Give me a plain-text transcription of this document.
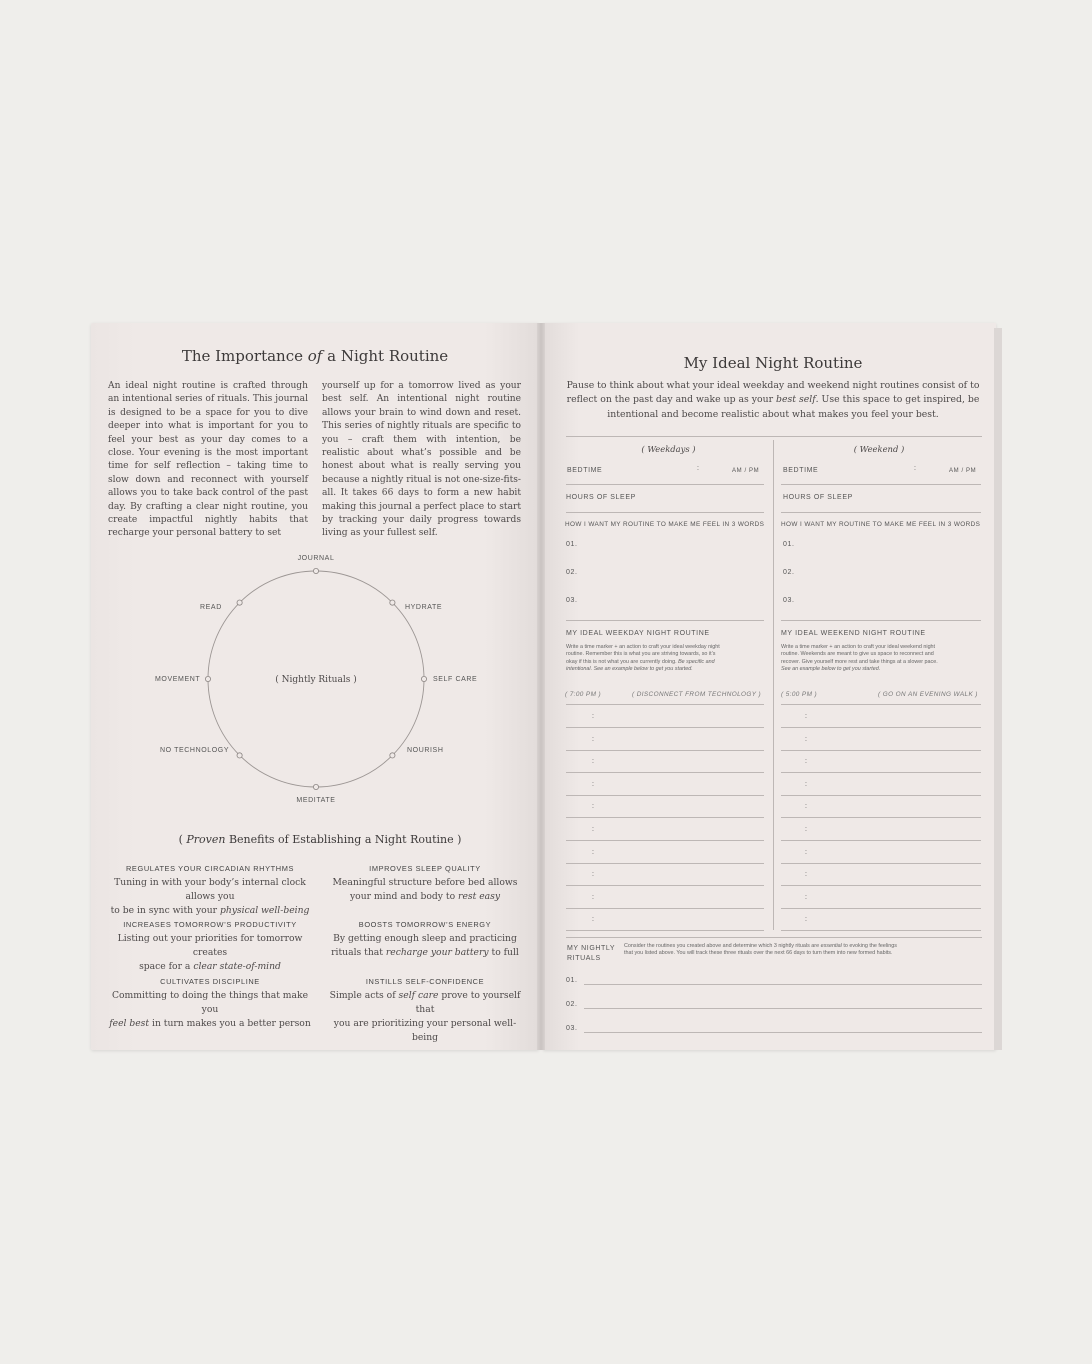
The Importance of a Night Routine
An ideal night routine is crafted through an intentional series of rituals. This journal is designed to be a space for you to dive deeper into what is important for you to feel your best as your day comes to a close. Your evening is the most important time for self reflection – taking time to slow down and reconnect with yourself allows you to take back control of the past day. By crafting a clear night routine, you create impactful nightly habits that recharge your personal battery to set
yourself up for a tomorrow lived as your best self. An intentional night routine allows your brain to wind down and reset. This series of nightly rituals are specific to you – craft them with intention, be realistic about what’s possible and be honest about what is really serving you because a nightly ritual is not one-size-fits-all. It takes 66 days to form a new habit making this journal a perfect place to start by tracking your daily progress towards living as your fullest self.
JOURNAL
HYDRATE
SELF CARE
NOURISH
MEDITATE
NO TECHNOLOGY
MOVEMENT
READ
( Nightly Rituals )
( Proven Benefits of Establishing a Night Routine )
REGULATES YOUR CIRCADIAN RHYTHMS
Tuning in with your body’s internal clock allows you
to be in sync with your physical well-being
IMPROVES SLEEP QUALITY
Meaningful structure before bed allows
your mind and body to rest easy
INCREASES TOMORROW’S PRODUCTIVITY
Listing out your priorities for tomorrow creates
space for a clear state-of-mind
BOOSTS TOMORROW’S ENERGY
By getting enough sleep and practicing
rituals that recharge your battery to full
CULTIVATES DISCIPLINE
Committing to doing the things that make you
feel best in turn makes you a better person
INSTILLS SELF-CONFIDENCE
Simple acts of self care prove to yourself that
you are prioritizing your personal well-being
My Ideal Night Routine
Pause to think about what your ideal weekday and weekend night routines consist of to
reflect on the past day and wake up as your best self. Use this space to get inspired, be
intentional and become realistic about what makes you feel your best.
( Weekdays )	( Weekend )
BEDTIME	:	AM / PM	BEDTIME	:	AM / PM
HOURS OF SLEEP	HOURS OF SLEEP
HOW I WANT MY ROUTINE TO MAKE ME FEEL IN 3 WORDS	HOW I WANT MY ROUTINE TO MAKE ME FEEL IN 3 WORDS
01.
02.
03.
01.
02.
03.
MY IDEAL WEEKDAY NIGHT ROUTINE	MY IDEAL WEEKEND NIGHT ROUTINE
Write a time marker + an action to craft your ideal weekday night
routine. Remember this is what you are striving towards, so it’s
okay if this is not what you are currently doing. Be specific and
intentional. See an example below to get you started.
Write a time marker + an action to craft your ideal weekend night
routine. Weekends are meant to give us space to reconnect and
recover. Give yourself more rest and take things at a slower pace.
See an example below to get you started.
( 7:00 PM )	( DISCONNECT FROM TECHNOLOGY )	( 5:00 PM )	( GO ON AN EVENING WALK )
:
:
:
:
:
:
:
:
:
:
:
:
:
:
:
:
:
:
:
:
MY NIGHTLY
RITUALS
Consider the routines you created above and determine which 3 nightly rituals are essential to evoking the feelings
that you listed above. You will track these three rituals over the next 66 days to turn them into new formed habits.
01.
02.
03.
